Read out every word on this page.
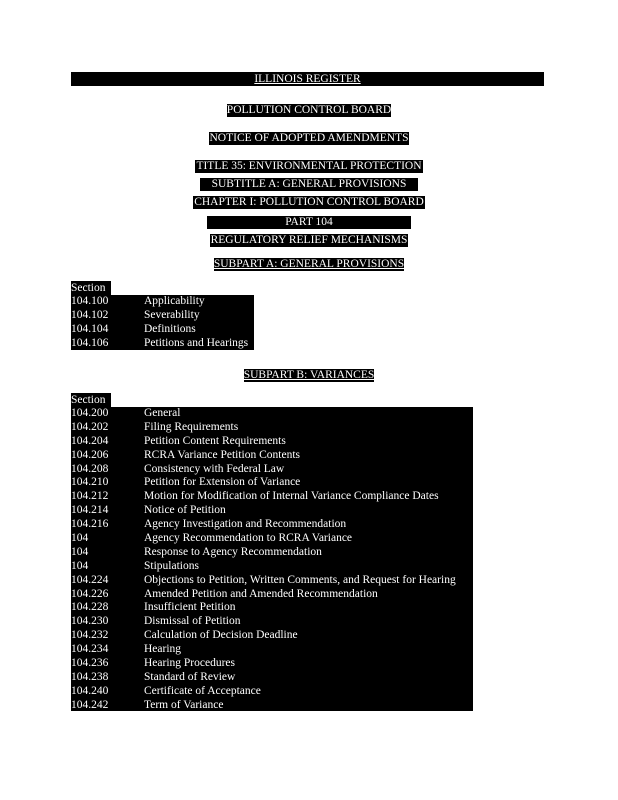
ILLINOIS REGISTER
POLLUTION CONTROL BOARD
NOTICE OF ADOPTED AMENDMENTS
TITLE 35: ENVIRONMENTAL PROTECTION
SUBTITLE A: GENERAL PROVISIONS
CHAPTER I: POLLUTION CONTROL BOARD
PART 104
REGULATORY RELIEF MECHANISMS
SUBPART A: GENERAL PROVISIONS
Section
104.100	Applicability
104.102	Severability
104.104	Definitions
104.106	Petitions and Hearings
SUBPART B: VARIANCES
Section
104.200	General
104.202	Filing Requirements
104.204	Petition Content Requirements
104.206	RCRA Variance Petition Contents
104.208	Consistency with Federal Law
104.210	Petition for Extension of Variance
104.212	Motion for Modification of Internal Variance Compliance Dates
104.214	Notice of Petition
104.216	Agency Investigation and Recommendation
104	Agency Recommendation to RCRA Variance
104	Response to Agency Recommendation
104	Stipulations
104.224	Objections to Petition, Written Comments, and Request for Hearing
104.226	Amended Petition and Amended Recommendation
104.228	Insufficient Petition
104.230	Dismissal of Petition
104.232	Calculation of Decision Deadline
104.234	Hearing
104.236	Hearing Procedures
104.238	Standard of Review
104.240	Certificate of Acceptance
104.242	Term of Variance
